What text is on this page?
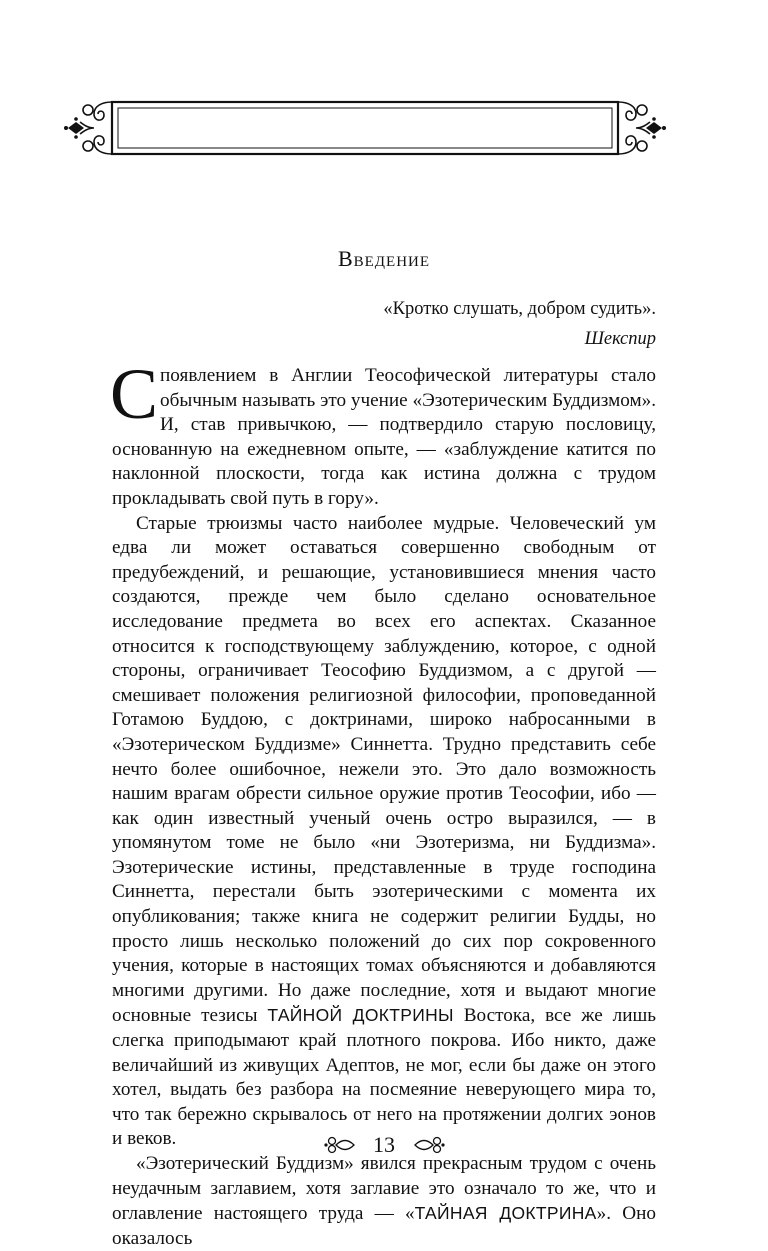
Введение
«Кротко слушать, добром судить».
Шекспир

Споявлением в Англии Теософической литературы стало обычным называть это учение «Эзотерическим Буддизмом». И, став привычкою, — подтвердило старую пословицу, основанную на ежедневном опыте, — «заблуждение катится по наклонной плоскости, тогда как истина должна с трудом прокладывать свой путь в гору».

Старые трюизмы часто наиболее мудрые. Человеческий ум едва ли может оставаться совершенно свободным от предубеждений, и решающие, установившиеся мнения часто создаются, прежде чем было сделано основательное исследование предмета во всех его аспектах. Сказанное относится к господствующему заблуждению, которое, с одной стороны, ограничивает Теософию Буддизмом, а с другой — смешивает положения религиозной философии, проповеданной Готамою Буддою, с доктринами, широко набросанными в «Эзотерическом Буддизме» Синнетта. Трудно представить себе нечто более ошибочное, нежели это. Это дало возможность нашим врагам обрести сильное оружие против Теософии, ибо — как один известный ученый очень остро выразился, — в упомянутом томе не было «ни Эзотеризма, ни Буддизма». Эзотерические истины, представленные в труде господина Синнетта, перестали быть эзотерическими с момента их опубликования; также книга не содержит религии Будды, но просто лишь несколько положений до сих пор сокровенного учения, которые в настоящих томах объясняются и добавляются многими другими. Но даже последние, хотя и выдают многие основные тезисы ТАЙНОЙ ДОКТРИНЫ Востока, все же лишь слегка приподымают край плотного покрова. Ибо никто, даже величайший из живущих Адептов, не мог, если бы даже он этого хотел, выдать без разбора на посмеяние неверующего мира то, что так бережно скрывалось от него на протяжении долгих эонов и веков.

«Эзотерический Буддизм» явился прекрасным трудом с очень неудачным заглавием, хотя заглавие это означало то же, что и оглавление настоящего труда — «ТАЙНАЯ ДОКТРИНА». Оно оказалось

13
